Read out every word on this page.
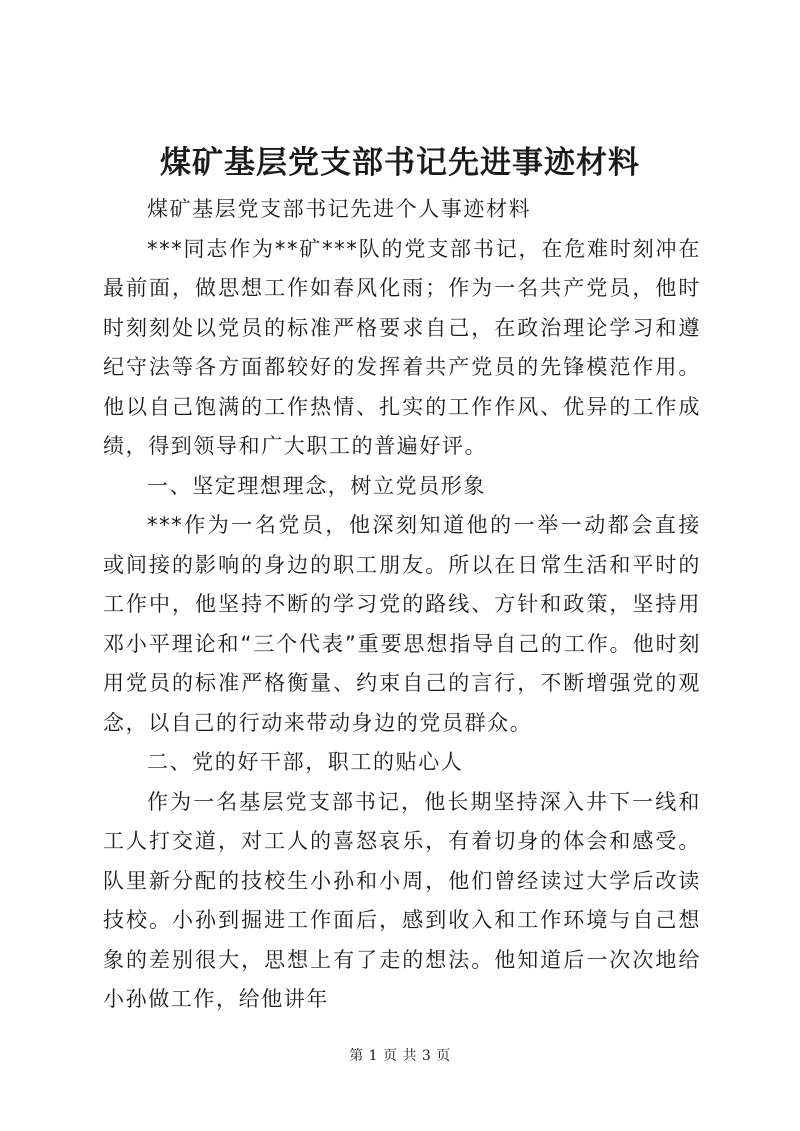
煤矿基层党支部书记先进事迹材料

煤矿基层党支部书记先进个人事迹材料

***同志作为**矿***队的党支部书记，在危难时刻冲在最前面，做思想工作如春风化雨；作为一名共产党员，他时时刻刻处以党员的标准严格要求自己，在政治理论学习和遵纪守法等各方面都较好的发挥着共产党员的先锋模范作用。他以自己饱满的工作热情、扎实的工作作风、优异的工作成绩，得到领导和广大职工的普遍好评。

一、坚定理想理念，树立党员形象

***作为一名党员，他深刻知道他的一举一动都会直接或间接的影响的身边的职工朋友。所以在日常生活和平时的工作中，他坚持不断的学习党的路线、方针和政策，坚持用邓小平理论和“三个代表”重要思想指导自己的工作。他时刻用党员的标准严格衡量、约束自己的言行，不断增强党的观念，以自己的行动来带动身边的党员群众。

二、党的好干部，职工的贴心人

作为一名基层党支部书记，他长期坚持深入井下一线和工人打交道，对工人的喜怒哀乐，有着切身的体会和感受。队里新分配的技校生小孙和小周，他们曾经读过大学后改读技校。小孙到掘进工作面后，感到收入和工作环境与自己想象的差别很大，思想上有了走的想法。他知道后一次次地给小孙做工作，给他讲年

第 1 页 共 3 页
